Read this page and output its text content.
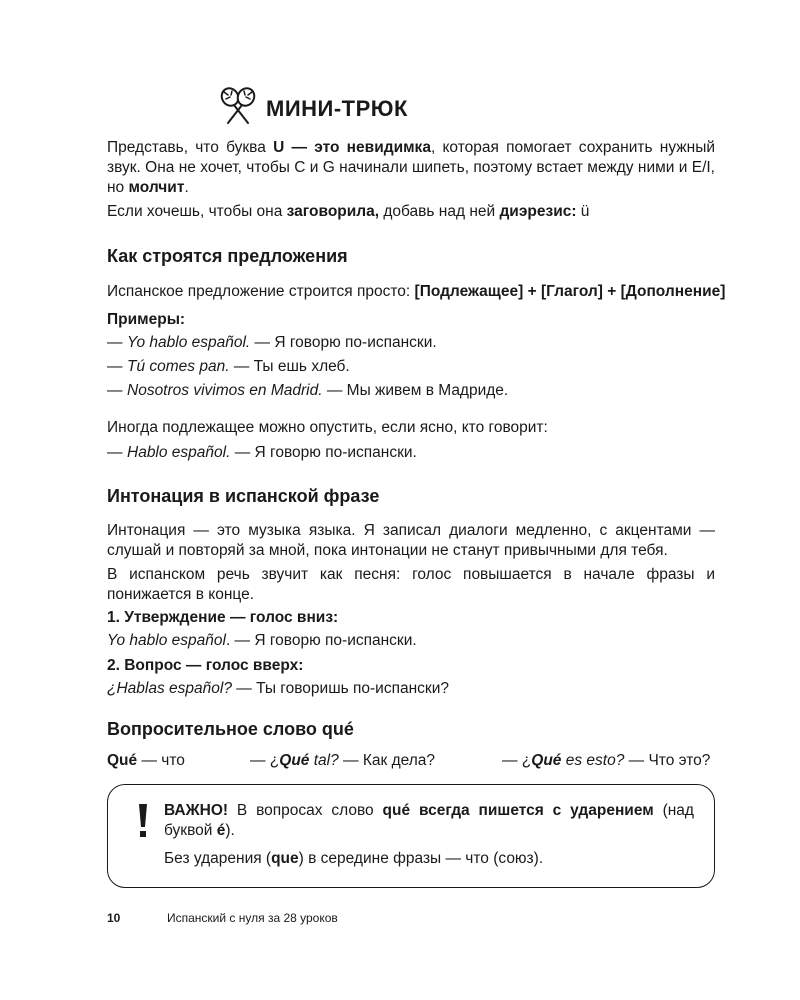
МИНИ-ТРЮК

Представь, что буква U — это невидимка, которая помогает сохранить нужный звук. Она не хочет, чтобы C и G начинали шипеть, поэтому встает между ними и E/I, но молчит.

Если хочешь, чтобы она заговорила, добавь над ней диэрезис: ü

Как строятся предложения

Испанское предложение строится просто: [Подлежащее] + [Глагол] + [Дополнение]

Примеры:

— Yo hablo español. — Я говорю по-испански.
— Tú comes pan. — Ты ешь хлеб.
— Nosotros vivimos en Madrid. — Мы живем в Мадриде.

Иногда подлежащее можно опустить, если ясно, кто говорит:

— Hablo español. — Я говорю по-испански.
Интонация в испанской фразе

Интонация — это музыка языка. Я записал диалоги медленно, с акцентами — слушай и повторяй за мной, пока интонации не станут привычными для тебя.

В испанском речь звучит как песня: голос повышается в начале фразы и понижается в конце.

1. Утверждение — голос вниз:

Yo hablo español. — Я говорю по-испански.

2. Вопрос — голос вверх:

¿Hablas español? — Ты говоришь по-испански?

Вопросительное слово qué
Qué — что	— ¿Qué tal? — Как дела?	— ¿Qué es esto? — Что это?

ВАЖНО! В вопросах слово qué всегда пишется с ударением (над буквой é).

Без ударения (que) в середине фразы — что (союз).

10	Испанский с нуля за 28 уроков
